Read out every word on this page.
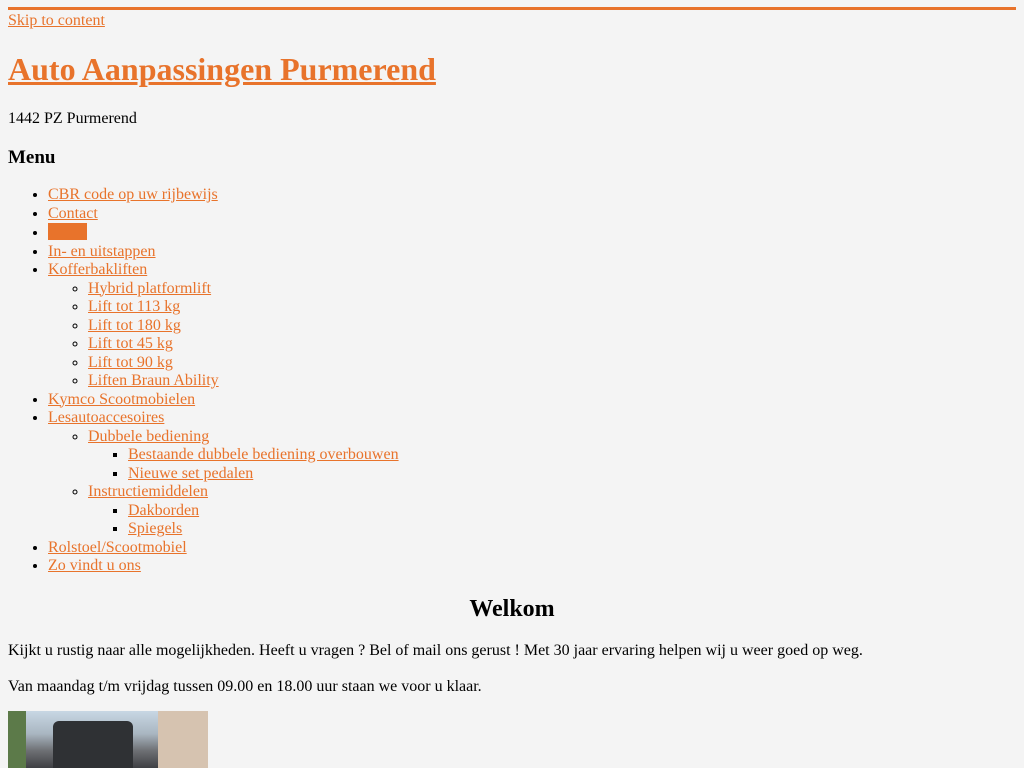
Skip to content
Auto Aanpassingen Purmerend

1442 PZ Purmerend

Menu
• CBR code op uw rijbewijs
• Contact
•
• In- en uitstappen
• Kofferbakliften
◦ Hybrid platformlift
◦ Lift tot 113 kg
◦ Lift tot 180 kg
◦ Lift tot 45 kg
◦ Lift tot 90 kg
◦ Liften Braun Ability
• Kymco Scootmobielen
• Lesautoaccesoires
◦ Dubbele bediening
▪ Bestaande dubbele bediening overbouwen
▪ Nieuwe set pedalen
◦ Instructiemiddelen
▪ Dakborden
▪ Spiegels
• Rolstoel/Scootmobiel
• Zo vindt u ons
Welkom

Kijkt u rustig naar alle mogelijkheden. Heeft u vragen ? Bel of mail ons gerust ! Met 30 jaar ervaring helpen wij u weer goed op weg.

Van maandag t/m vrijdag tussen 09.00 en 18.00 uur staan we voor u klaar.
